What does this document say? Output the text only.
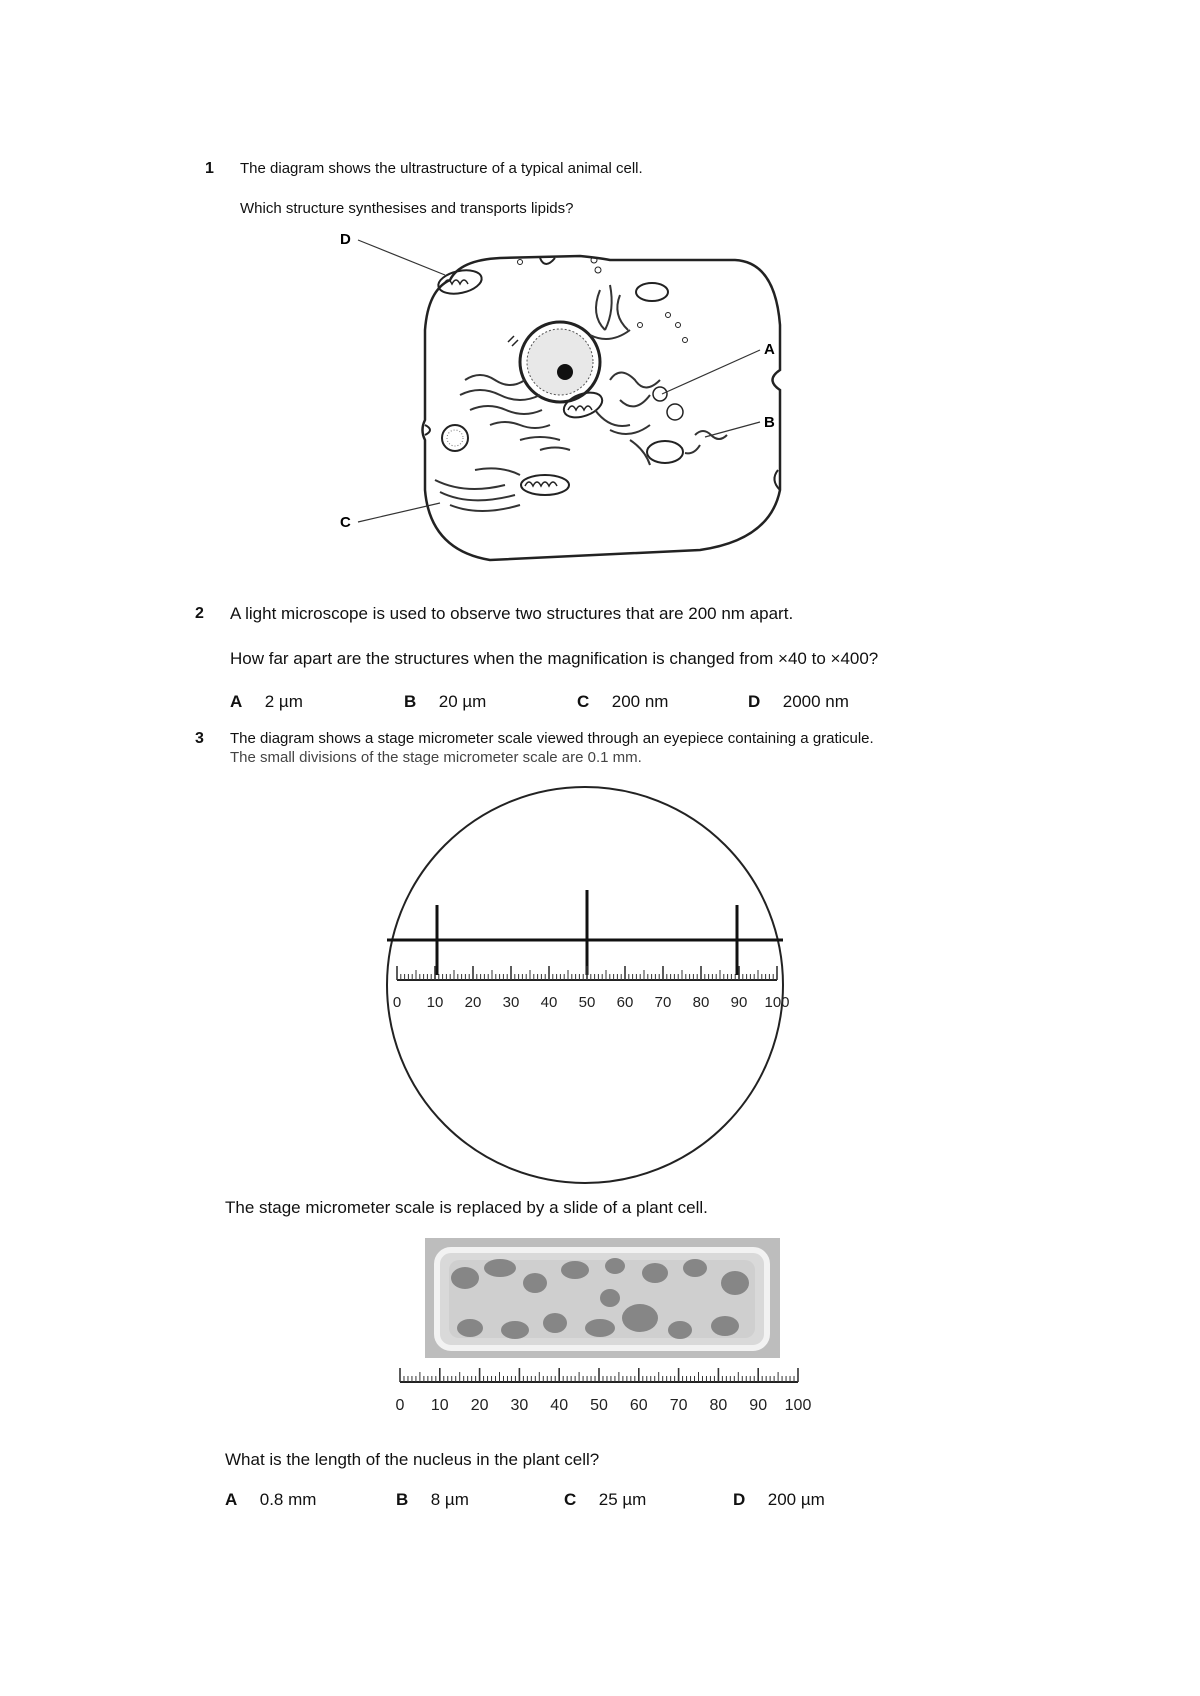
1 The diagram shows the ultrastructure of a typical animal cell.
Which structure synthesises and transports lipids?
D
A
B
C
2 A light microscope is used to observe two structures that are 200 nm apart.
How far apart are the structures when the magnification is changed from ×40 to ×400?
A 2 µm	B 20 µm	C 200 nm	D 2000 nm
3 The diagram shows a stage micrometer scale viewed through an eyepiece containing a graticule.
The small divisions of the stage micrometer scale are 0.1 mm.
0 10 20 30 40 50 60 70 80 90 100
The stage micrometer scale is replaced by a slide of a plant cell.
0 10 20 30 40 50 60 70 80 90 100
What is the length of the nucleus in the plant cell?
A 0.8 mm	B 8 µm	C 25 µm	D 200 µm
